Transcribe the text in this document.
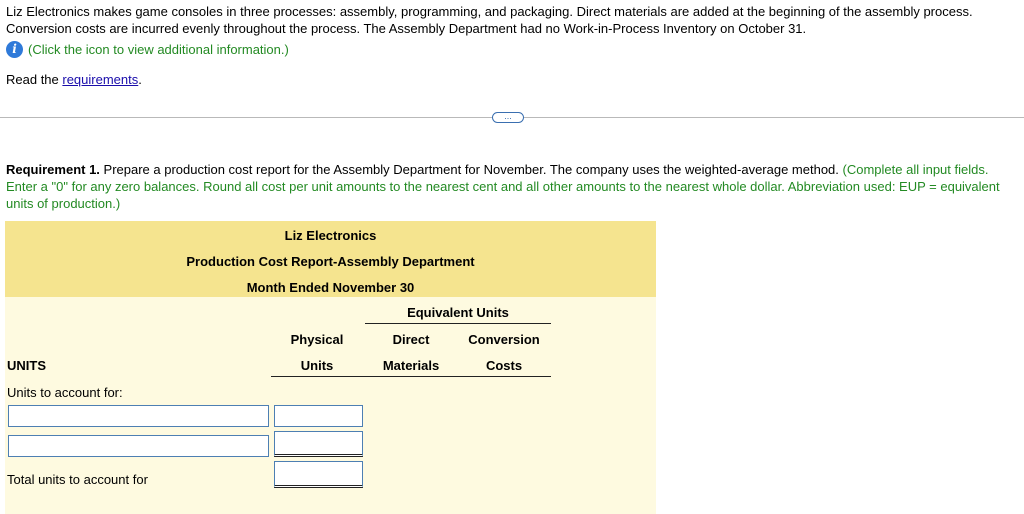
Liz Electronics makes game consoles in three processes: assembly, programming, and packaging. Direct materials are added at the beginning of the assembly process. Conversion costs are incurred evenly throughout the process. The Assembly Department had no Work-in-Process Inventory on October 31.
i (Click the icon to view additional information.)
Read the requirements.
...
Requirement 1. Prepare a production cost report for the Assembly Department for November. The company uses the weighted-average method. (Complete all input fields. Enter a "0" for any zero balances. Round all cost per unit amounts to the nearest cent and all other amounts to the nearest whole dollar. Abbreviation used: EUP = equivalent units of production.)
Liz Electronics
Production Cost Report-Assembly Department
Month Ended November 30
Equivalent Units
Physical
Units
Direct
Materials
Conversion
Costs
UNITS
Units to account for:
Total units to account for
